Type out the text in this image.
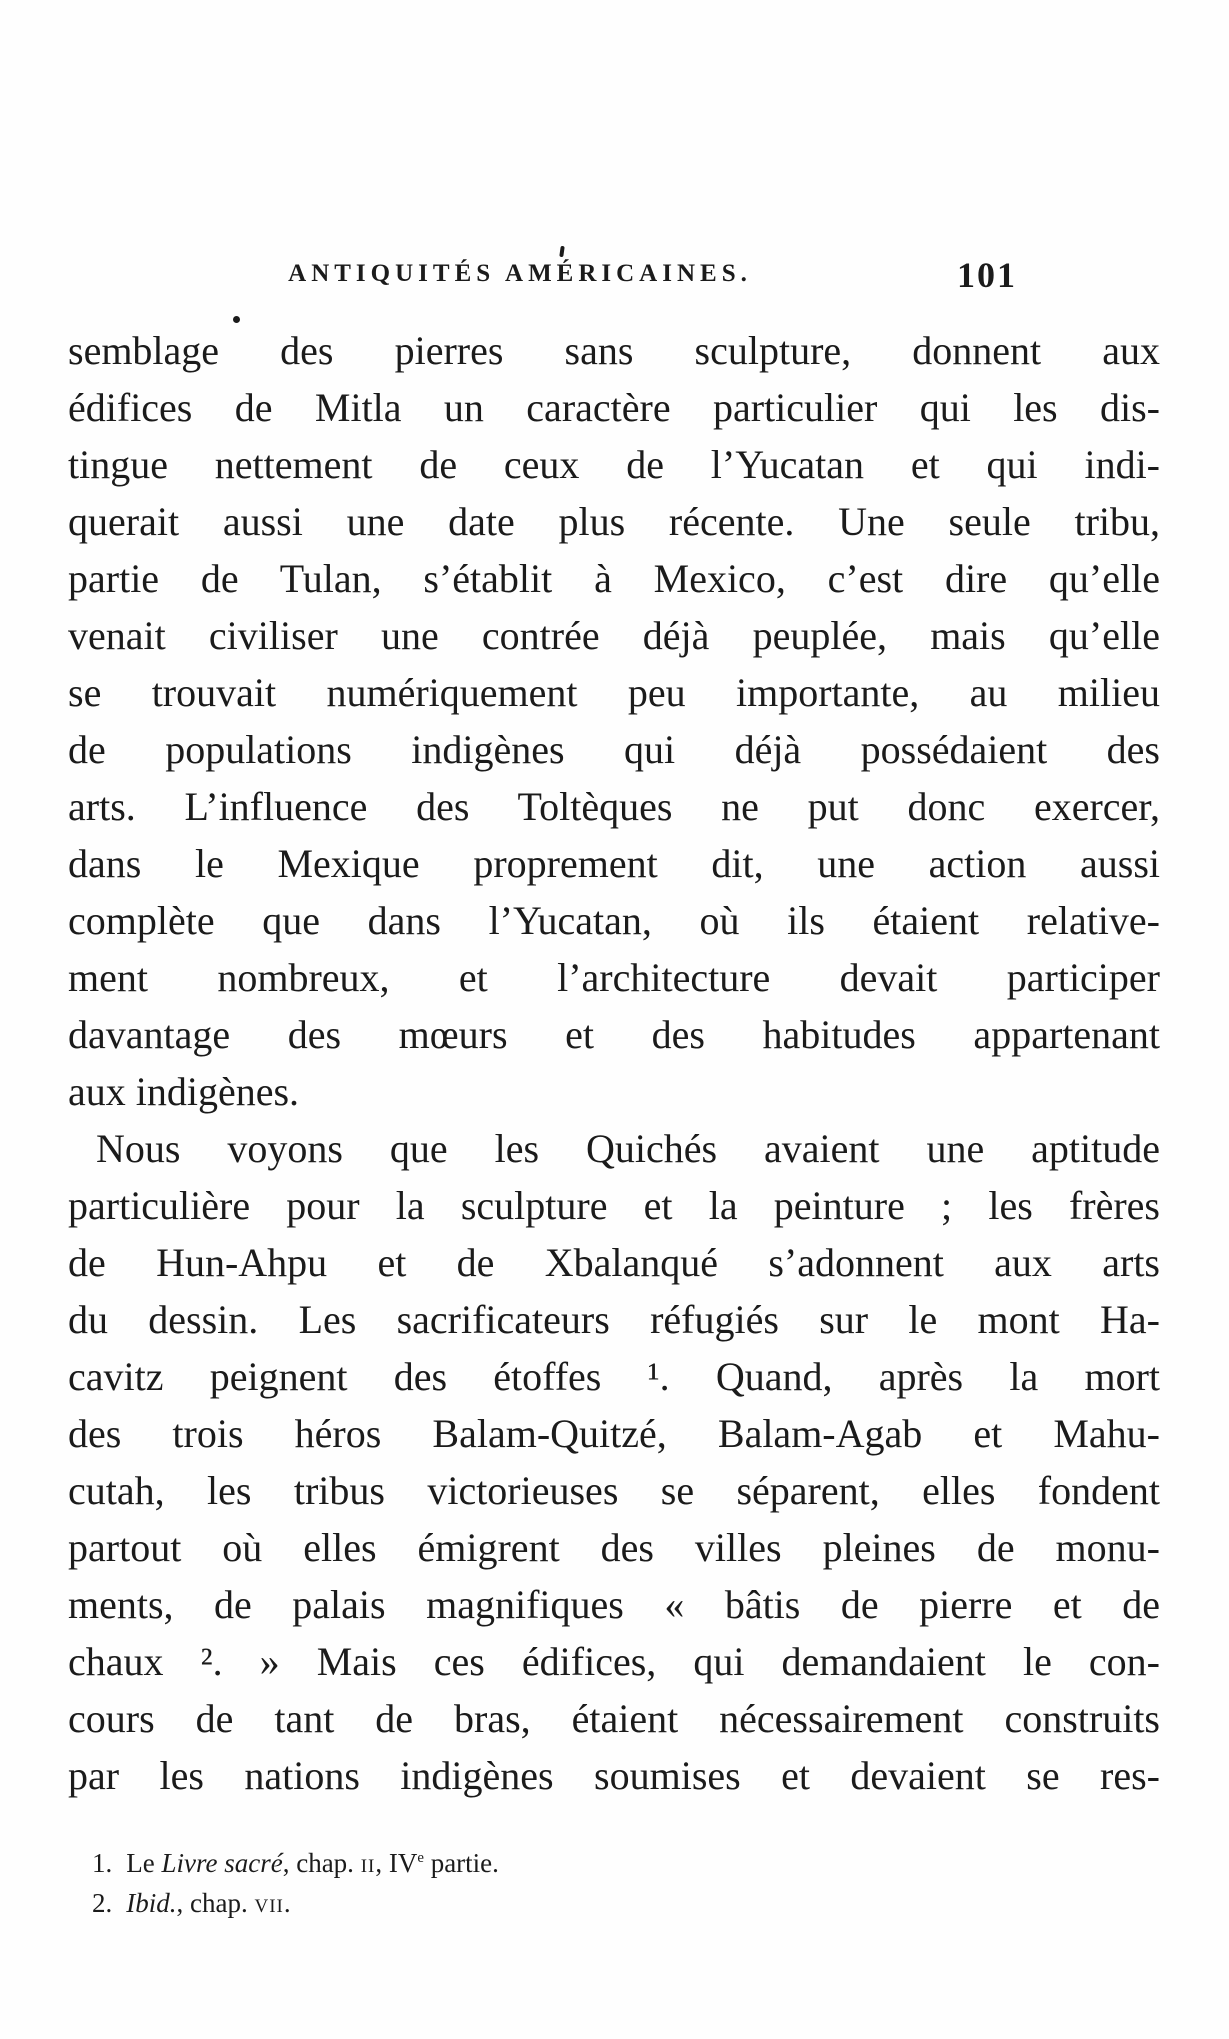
ANTIQUITÉS AMÉRICAINES.	101
semblage des pierres sans sculpture, donnent aux
édifices de Mitla un caractère particulier qui les dis-
tingue nettement de ceux de l’Yucatan et qui indi-
querait aussi une date plus récente. Une seule tribu,
partie de Tulan, s’établit à Mexico, c’est dire qu’elle
venait civiliser une contrée déjà peuplée, mais qu’elle
se trouvait numériquement peu importante, au milieu
de populations indigènes qui déjà possédaient des
arts. L’influence des Toltèques ne put donc exercer,
dans le Mexique proprement dit, une action aussi
complète que dans l’Yucatan, où ils étaient relative-
ment nombreux, et l’architecture devait participer
davantage des mœurs et des habitudes appartenant
aux indigènes.
Nous voyons que les Quichés avaient une aptitude
particulière pour la sculpture et la peinture ; les frères
de Hun-Ahpu et de Xbalanqué s’adonnent aux arts
du dessin. Les sacrificateurs réfugiés sur le mont Ha-
cavitz peignent des étoffes ¹. Quand, après la mort
des trois héros Balam-Quitzé, Balam-Agab et Mahu-
cutah, les tribus victorieuses se séparent, elles fondent
partout où elles émigrent des villes pleines de monu-
ments, de palais magnifiques « bâtis de pierre et de
chaux ². » Mais ces édifices, qui demandaient le con-
cours de tant de bras, étaient nécessairement construits
par les nations indigènes soumises et devaient se res-
1. Le Livre sacré, chap. ii, IVe partie.
2. Ibid., chap. vii.
